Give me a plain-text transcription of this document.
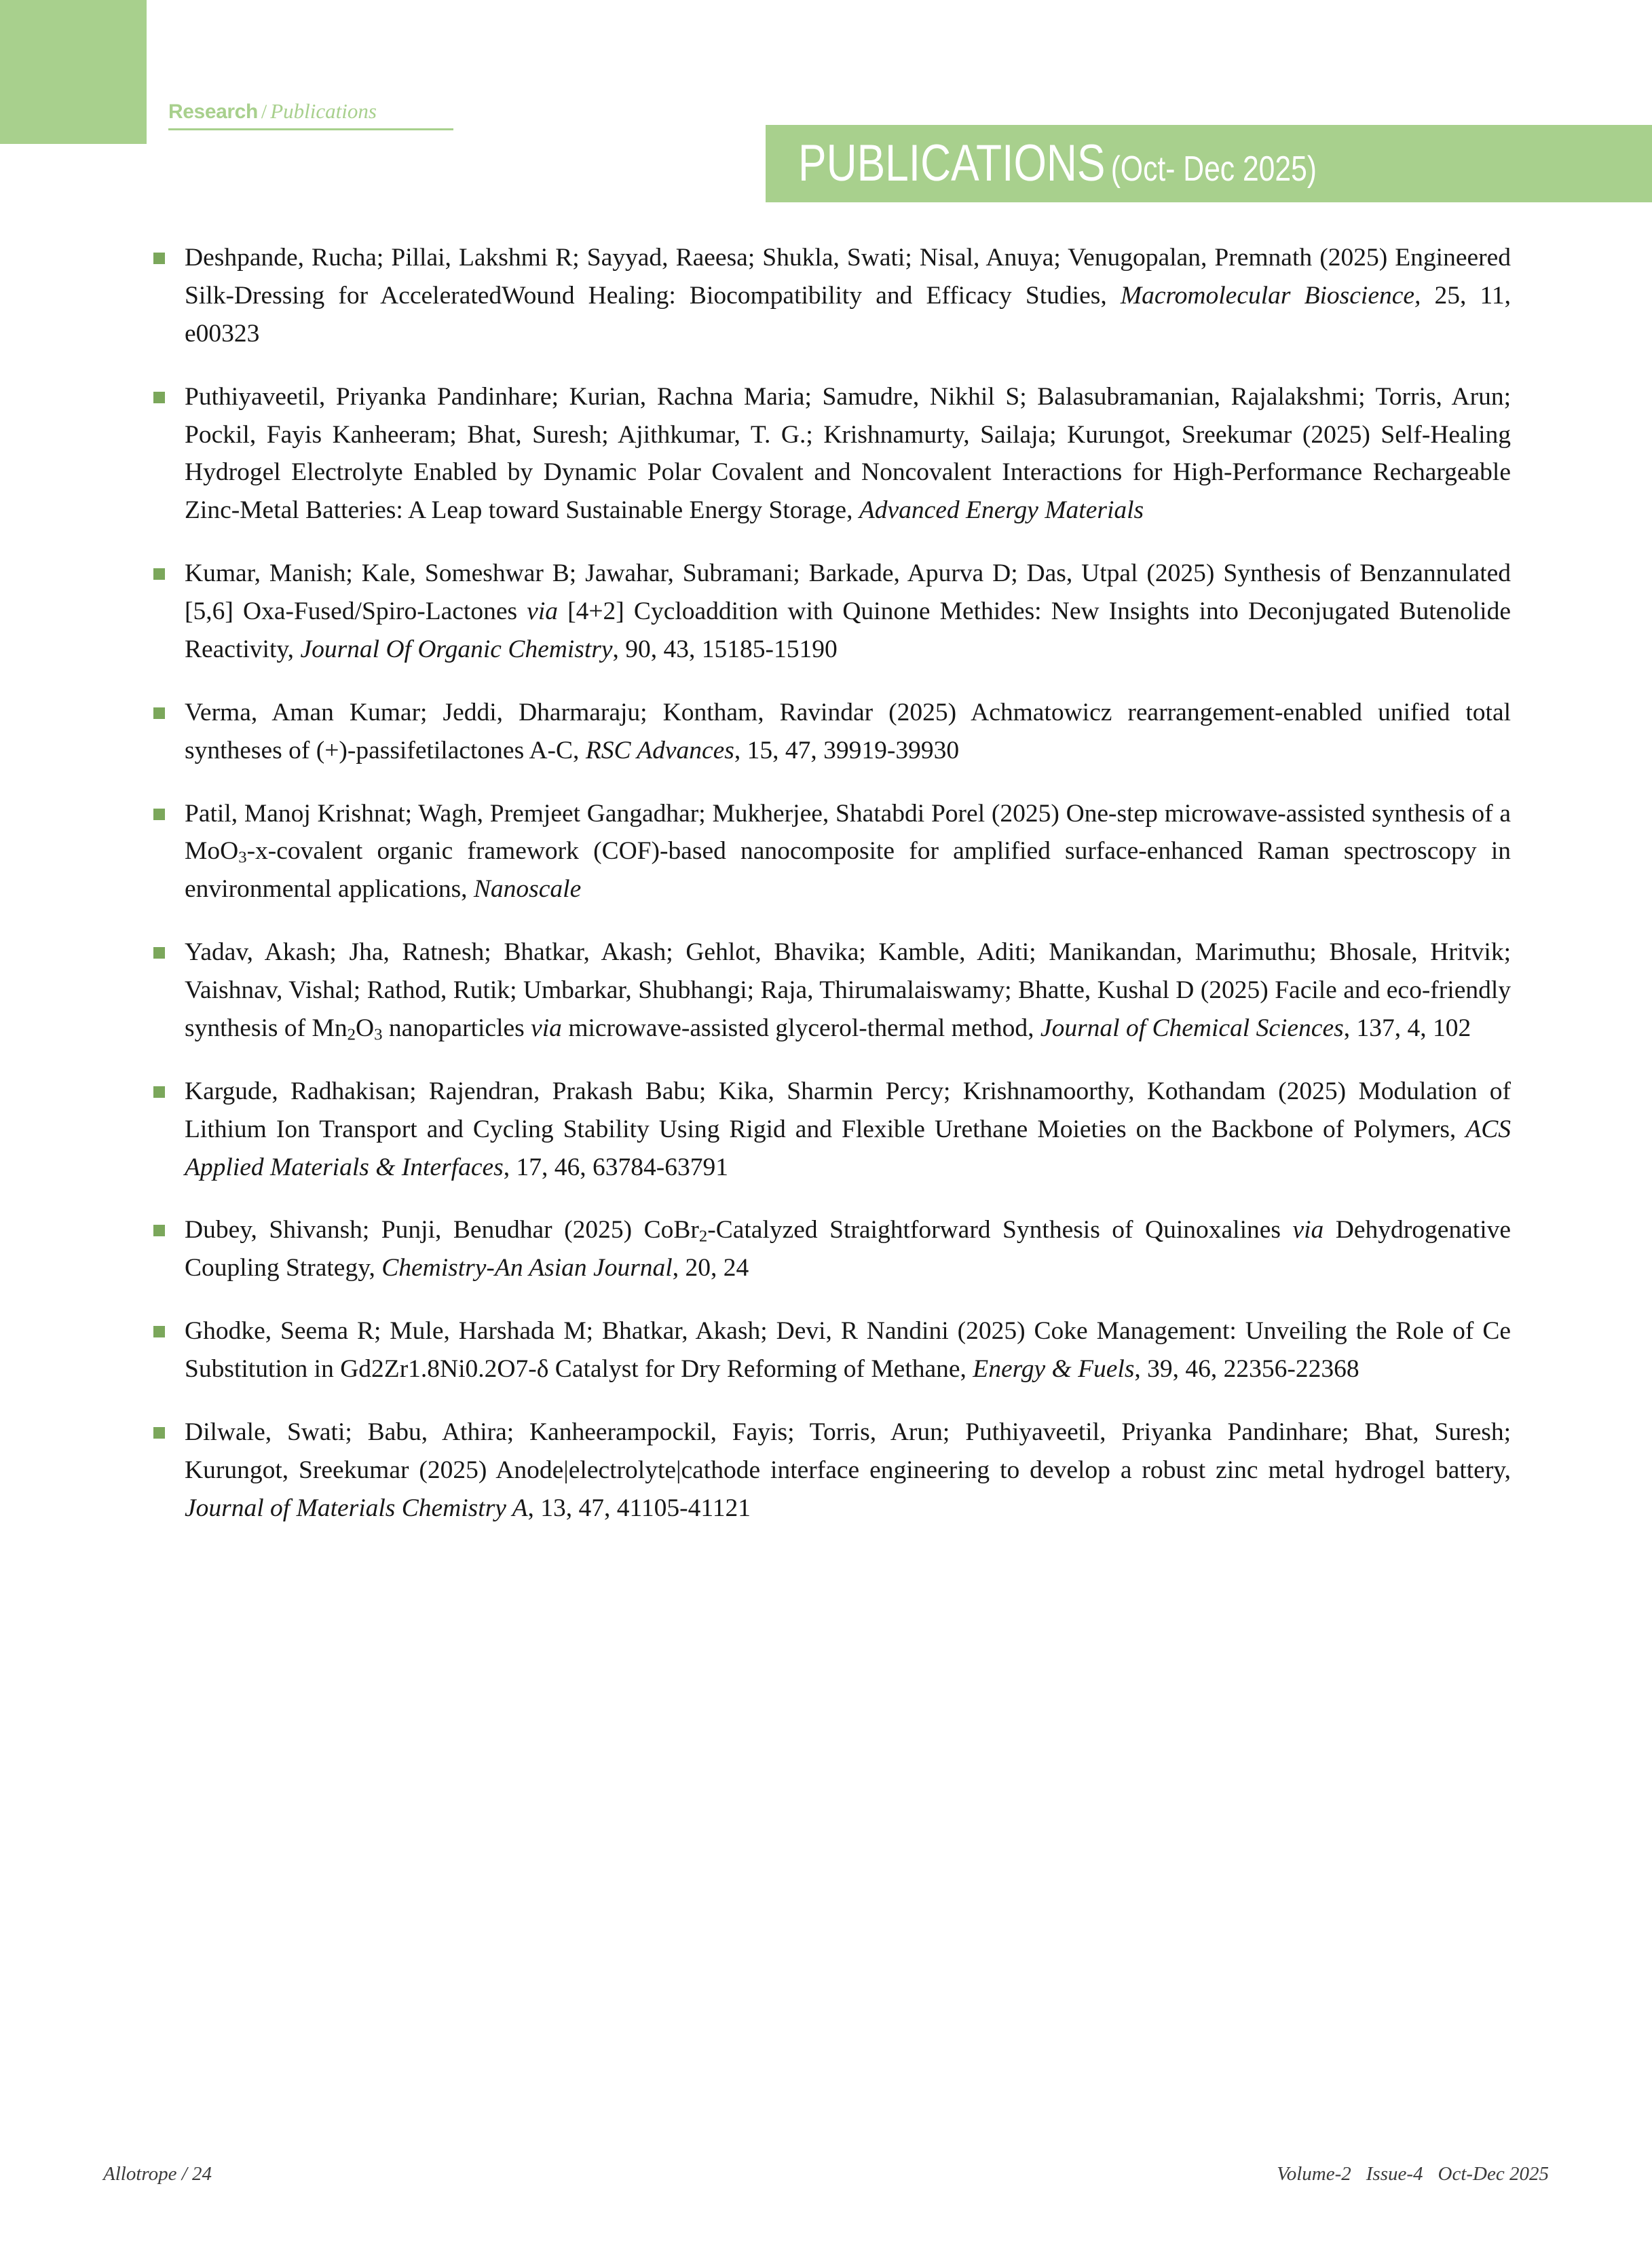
Research / Publications
PUBLICATIONS (Oct- Dec 2025)
Deshpande, Rucha; Pillai, Lakshmi R; Sayyad, Raeesa; Shukla, Swati; Nisal, Anuya; Venugopalan, Premnath (2025) Engineered Silk-Dressing for AcceleratedWound Healing: Biocompatibility and Efficacy Studies, Macromolecular Bioscience, 25, 11, e00323
Puthiyaveetil, Priyanka Pandinhare; Kurian, Rachna Maria; Samudre, Nikhil S; Balasubramanian, Rajalakshmi; Torris, Arun; Pockil, Fayis Kanheeram; Bhat, Suresh; Ajithkumar, T. G.; Krishnamurty, Sailaja; Kurungot, Sreekumar (2025) Self-Healing Hydrogel Electrolyte Enabled by Dynamic Polar Covalent and Noncovalent Interactions for High-Performance Rechargeable Zinc-Metal Batteries: A Leap toward Sustainable Energy Storage, Advanced Energy Materials
Kumar, Manish; Kale, Someshwar B; Jawahar, Subramani; Barkade, Apurva D; Das, Utpal (2025) Synthesis of Benzannulated [5,6] Oxa-Fused/Spiro-Lactones via [4+2] Cycloaddition with Quinone Methides: New Insights into Deconjugated Butenolide Reactivity, Journal Of Organic Chemistry, 90, 43, 15185-15190
Verma, Aman Kumar; Jeddi, Dharmaraju; Kontham, Ravindar (2025) Achmatowicz rearrangement-enabled unified total syntheses of (+)-passifetilactones A-C, RSC Advances, 15, 47, 39919-39930
Patil, Manoj Krishnat; Wagh, Premjeet Gangadhar; Mukherjee, Shatabdi Porel (2025) One-step microwave-assisted synthesis of a MoO$_3$-x-covalent organic framework (COF)-based nanocomposite for amplified surface-enhanced Raman spectroscopy in environmental applications, Nanoscale
Yadav, Akash; Jha, Ratnesh; Bhatkar, Akash; Gehlot, Bhavika; Kamble, Aditi; Manikandan, Marimuthu; Bhosale, Hritvik; Vaishnav, Vishal; Rathod, Rutik; Umbarkar, Shubhangi; Raja, Thirumalaiswamy; Bhatte, Kushal D (2025) Facile and eco-friendly synthesis of $Mn_2O_3$ nanoparticles via microwave-assisted glycerol-thermal method, Journal of Chemical Sciences, 137, 4, 102
Kargude, Radhakisan; Rajendran, Prakash Babu; Kika, Sharmin Percy; Krishnamoorthy, Kothandam (2025) Modulation of Lithium Ion Transport and Cycling Stability Using Rigid and Flexible Urethane Moieties on the Backbone of Polymers, ACS Applied Materials & Interfaces, 17, 46, 63784-63791
Dubey, Shivansh; Punji, Benudhar (2025) CoBr$_2$-Catalyzed Straightforward Synthesis of Quinoxalines via Dehydrogenative Coupling Strategy, Chemistry-An Asian Journal, 20, 24
Ghodke, Seema R; Mule, Harshada M; Bhatkar, Akash; Devi, R Nandini (2025) Coke Management: Unveiling the Role of Ce Substitution in Gd2Zr1.8Ni0.2O7-δ Catalyst for Dry Reforming of Methane, Energy & Fuels, 39, 46, 22356-22368
Dilwale, Swati; Babu, Athira; Kanheerampockil, Fayis; Torris, Arun; Puthiyaveetil, Priyanka Pandinhare; Bhat, Suresh; Kurungot, Sreekumar (2025) Anode|electrolyte|cathode interface engineering to develop a robust zinc metal hydrogel battery, Journal of Materials Chemistry A, 13, 47, 41105-41121
Allotrope / 24	Volume-2 Issue-4 Oct-Dec 2025
